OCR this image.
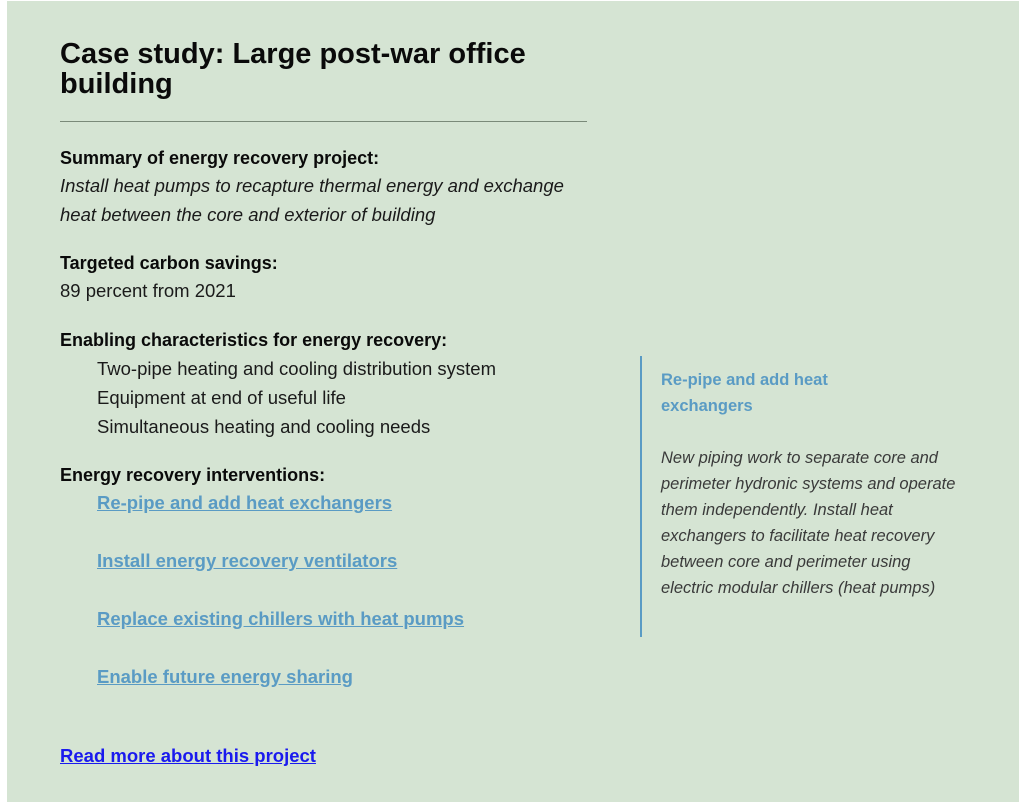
Case study: Large post-war office building
Summary of energy recovery project:
Install heat pumps to recapture thermal energy and exchange heat between the core and exterior of building
Targeted carbon savings:
89 percent from 2021
Enabling characteristics for energy recovery:
Two-pipe heating and cooling distribution system
Equipment at end of useful life
Simultaneous heating and cooling needs
Energy recovery interventions:
Re-pipe and add heat exchangers
Install energy recovery ventilators
Replace existing chillers with heat pumps
Enable future energy sharing
Read more about this project
Re-pipe and add heat exchangers
New piping work to separate core and perimeter hydronic systems and operate them independently. Install heat exchangers to facilitate heat recovery between core and perimeter using electric modular chillers (heat pumps)
